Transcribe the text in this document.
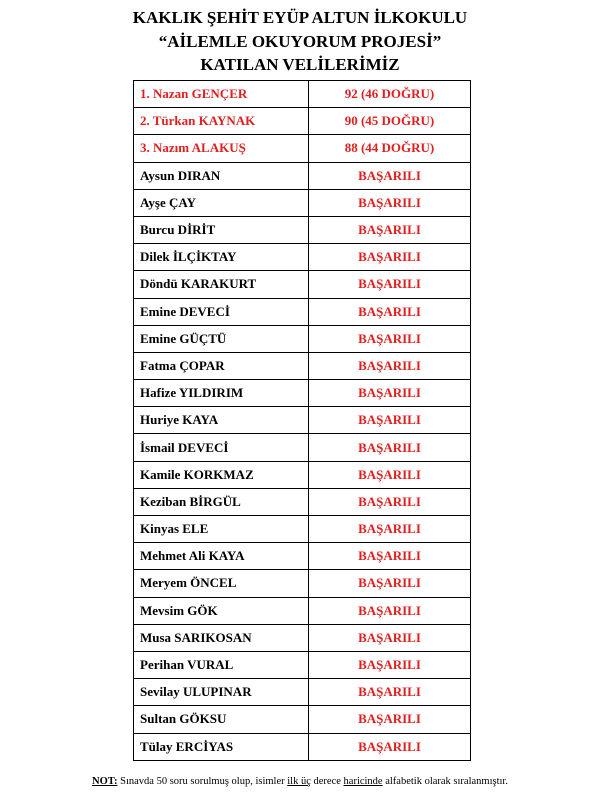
KAKLIK ŞEHİT EYÜP ALTUN İLKOKULU
“AİLEMLE OKUYORUM PROJESİ”
KATILAN VELİLERİMİZ
1. Nazan GENÇER	92 (46 DOĞRU)
2. Türkan KAYNAK	90 (45 DOĞRU)
3. Nazım ALAKUŞ	88 (44 DOĞRU)
Aysun DIRAN	BAŞARILI
Ayşe ÇAY	BAŞARILI
Burcu DİRİT	BAŞARILI
Dilek İLÇİKTAY	BAŞARILI
Döndü KARAKURT	BAŞARILI
Emine DEVECİ	BAŞARILI
Emine GÜÇTÜ	BAŞARILI
Fatma ÇOPAR	BAŞARILI
Hafize YILDIRIM	BAŞARILI
Huriye KAYA	BAŞARILI
İsmail DEVECİ	BAŞARILI
Kamile KORKMAZ	BAŞARILI
Keziban BİRGÜL	BAŞARILI
Kinyas ELE	BAŞARILI
Mehmet Ali KAYA	BAŞARILI
Meryem ÖNCEL	BAŞARILI
Mevsim GÖK	BAŞARILI
Musa SARIKOSAN	BAŞARILI
Perihan VURAL	BAŞARILI
Sevilay ULUPINAR	BAŞARILI
Sultan GÖKSU	BAŞARILI
Tülay ERCİYAS	BAŞARILI
NOT: Sınavda 50 soru sorulmuş olup, isimler ilk üç derece haricinde alfabetik olarak sıralanmıştır.
